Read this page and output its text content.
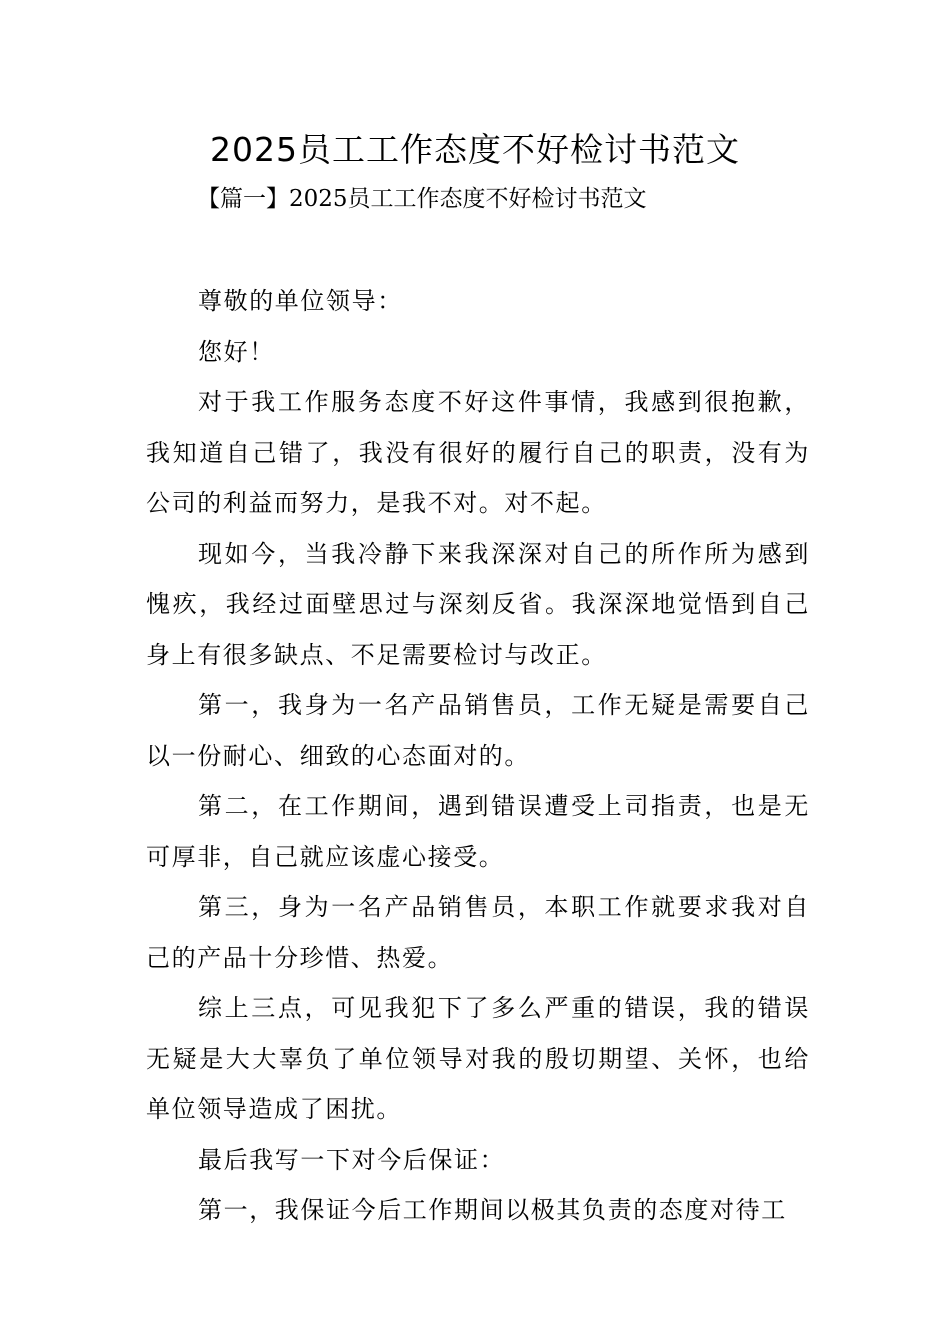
2025员工工作态度不好检讨书范文
【篇一】2025员工工作态度不好检讨书范文

尊敬的单位领导：

您好！

对于我工作服务态度不好这件事情，我感到很抱歉，我知道自己错了，我没有很好的履行自己的职责，没有为公司的利益而努力，是我不对。对不起。

现如今，当我冷静下来我深深对自己的所作所为感到愧疚，我经过面壁思过与深刻反省。我深深地觉悟到自己身上有很多缺点、不足需要检讨与改正。

第一，我身为一名产品销售员，工作无疑是需要自己以一份耐心、细致的心态面对的。

第二，在工作期间，遇到错误遭受上司指责，也是无可厚非，自己就应该虚心接受。

第三，身为一名产品销售员，本职工作就要求我对自己的产品十分珍惜、热爱。

综上三点，可见我犯下了多么严重的错误，我的错误无疑是大大辜负了单位领导对我的殷切期望、关怀，也给单位领导造成了困扰。

最后我写一下对今后保证：

第一，我保证今后工作期间以极其负责的态度对待工
